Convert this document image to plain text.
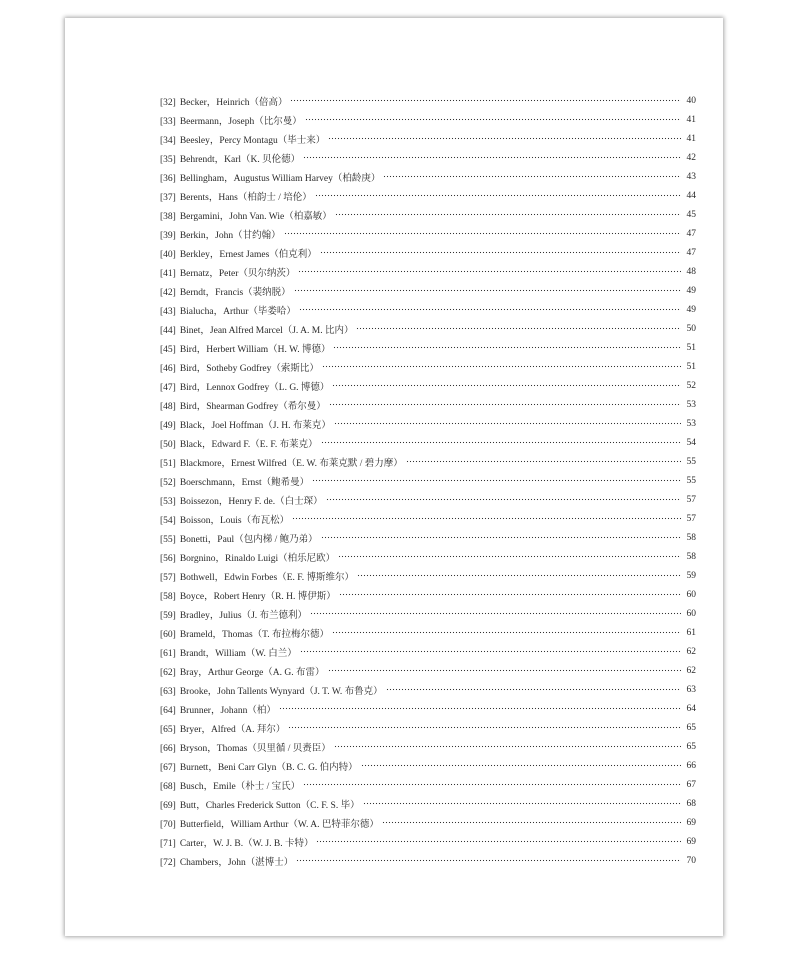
[32] Becker，Heinrich（倍高）	40
[33] Beermann，Joseph（比尔曼）	41
[34] Beesley，Percy Montagu（毕士来）	41
[35] Behrendt，Karl（K. 贝伦德）	42
[36] Bellingham，Augustus William Harvey（柏龄庚）	43
[37] Berents，Hans（柏韵士 / 培伦）	44
[38] Bergamini，John Van. Wie（柏嘉敏）	45
[39] Berkin，John（甘约翰）	47
[40] Berkley，Ernest James（伯克利）	47
[41] Bernatz，Peter（贝尔纳茨）	48
[42] Berndt，Francis（裴纳脱）	49
[43] Bialucha，Arthur（毕娄哈）	49
[44] Binet，Jean Alfred Marcel（J. A. M. 比内）	50
[45] Bird，Herbert William（H. W. 博德）	51
[46] Bird，Sotheby Godfrey（索斯比）	51
[47] Bird，Lennox Godfrey（L. G. 博德）	52
[48] Bird，Shearman Godfrey（希尔曼）	53
[49] Black，Joel Hoffman（J. H. 布莱克）	53
[50] Black，Edward F.（E. F. 布莱克）	54
[51] Blackmore，Ernest Wilfred（E. W. 布莱克默 / 碧力摩）	55
[52] Boerschmann，Ernst（鲍希曼）	55
[53] Boissezon，Henry F. de.（白士琛）	57
[54] Boisson，Louis（布瓦松）	57
[55] Bonetti，Paul（包内梯 / 鲍乃弟）	58
[56] Borgnino，Rinaldo Luigi（柏乐尼欧）	58
[57] Bothwell，Edwin Forbes（E. F. 博斯维尔）	59
[58] Boyce，Robert Henry（R. H. 博伊斯）	60
[59] Bradley，Julius（J. 布兰德利）	60
[60] Brameld，Thomas（T. 布拉梅尔德）	61
[61] Brandt，William（W. 白兰）	62
[62] Bray，Arthur George（A. G. 布雷）	62
[63] Brooke，John Tallents Wynyard（J. T. W. 布鲁克）	63
[64] Brunner，Johann（柏）	64
[65] Bryer，Alfred（A. 拜尔）	65
[66] Bryson，Thomas（贝里循 / 贝赉臣）	65
[67] Burnett，Beni Carr Glyn（B. C. G. 伯内特）	66
[68] Busch，Emile（朴士 / 宝氏）	67
[69] Butt，Charles Frederick Sutton（C. F. S. 毕）	68
[70] Butterfield，William Arthur（W. A. 巴特菲尔德）	69
[71] Carter，W. J. B.（W. J. B. 卡特）	69
[72] Chambers，John（湛博士）	70
